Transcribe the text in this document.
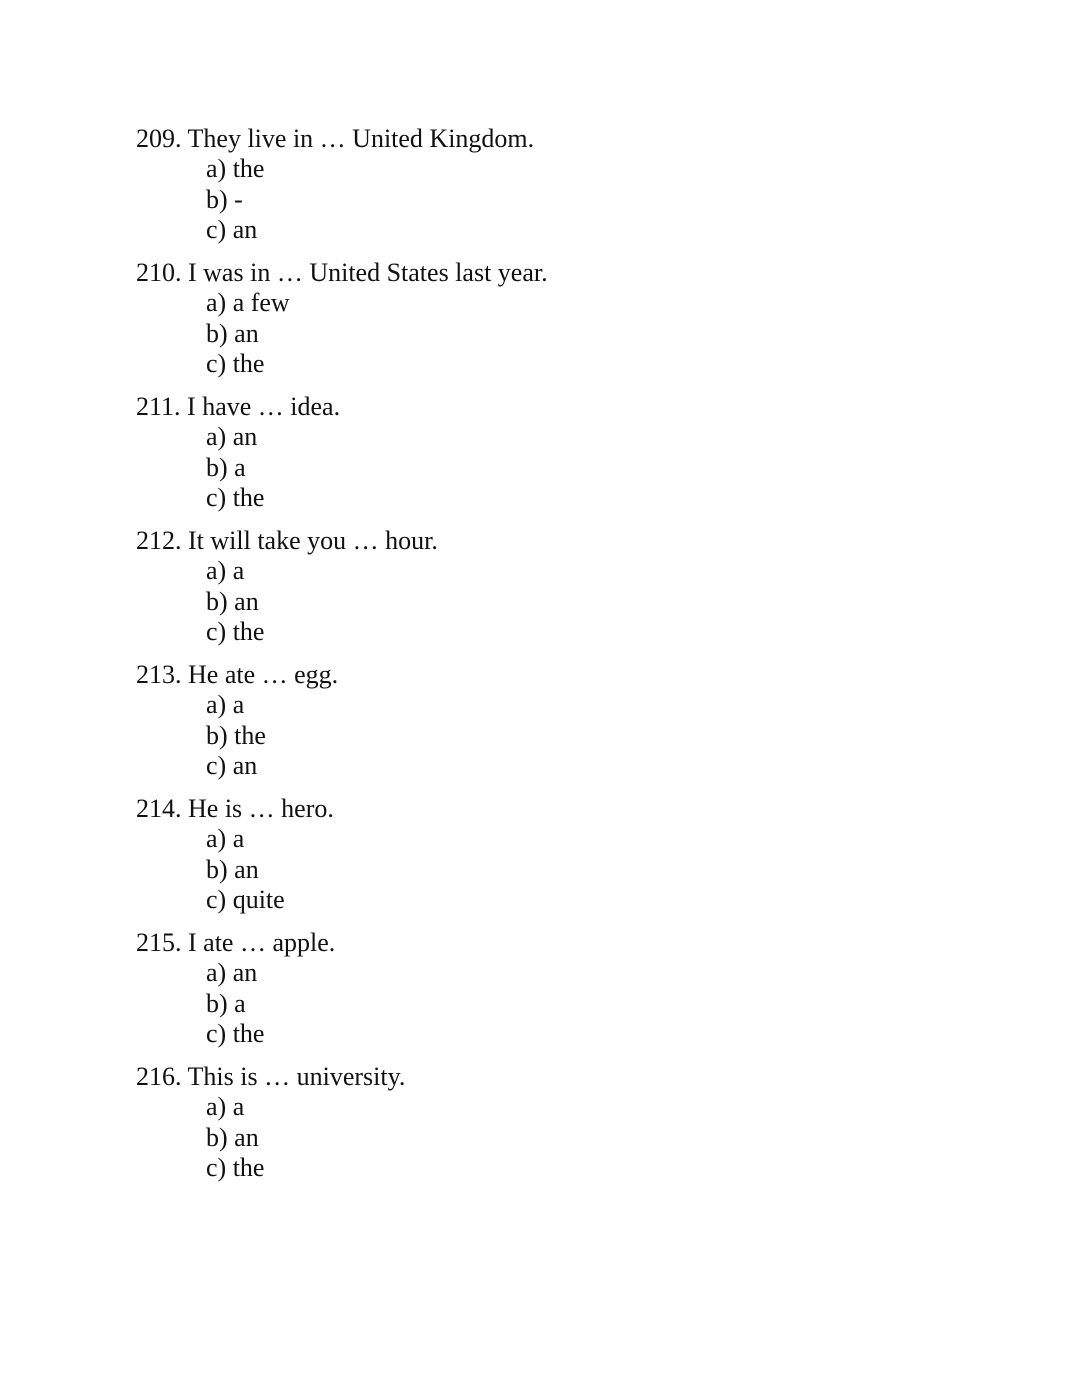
209. They live in … United Kingdom.
a) the
b) -
c) an
210. I was in … United States last year.
a) a few
b) an
c) the
211. I have … idea.
a) an
b) a
c) the
212. It will take you … hour.
a) a
b) an
c) the
213. He ate … egg.
a) a
b) the
c) an
214. He is … hero.
a) a
b) an
c) quite
215. I ate … apple.
a) an
b) a
c) the
216. This is … university.
a) a
b) an
c) the
